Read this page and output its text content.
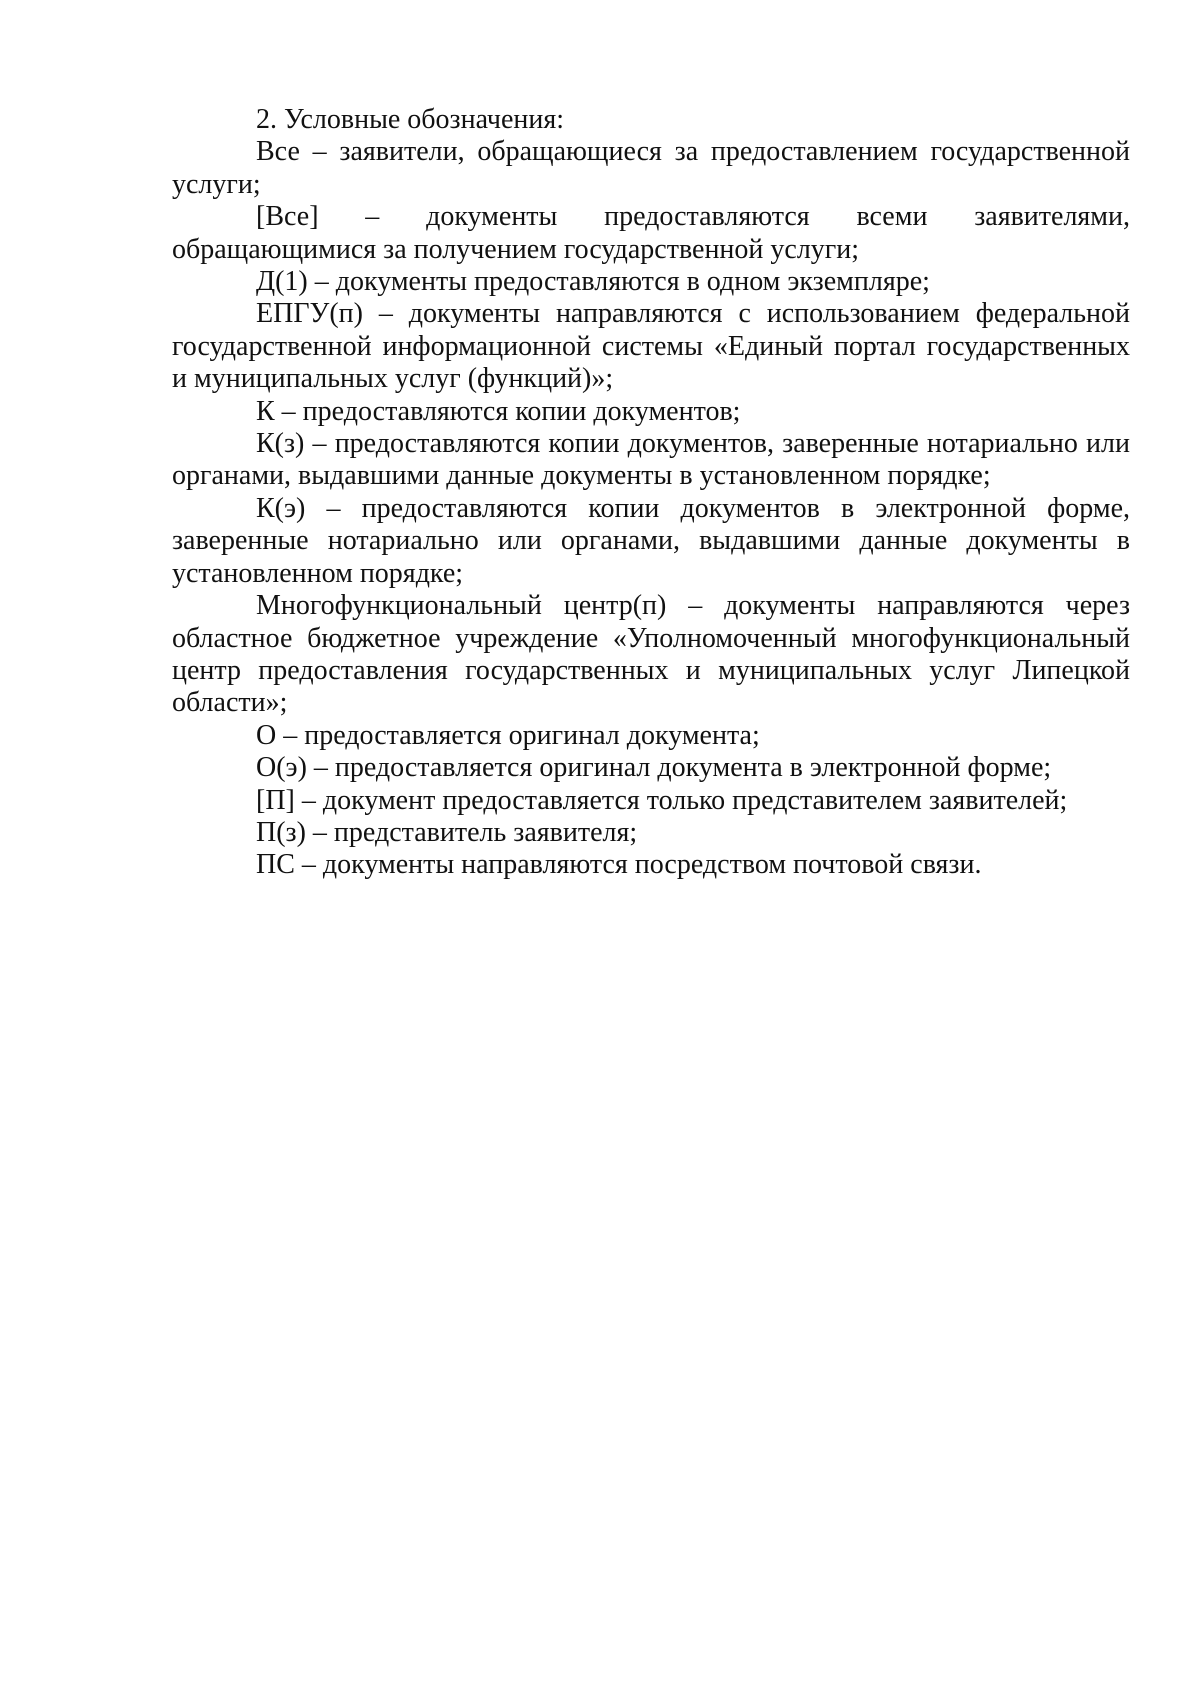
2. Условные обозначения:

Все – заявители, обращающиеся за предоставлением государственной услуги;

[Все] – документы предоставляются всеми заявителями, обращающимися за получением государственной услуги;

Д(1) – документы предоставляются в одном экземпляре;

ЕПГУ(п) – документы направляются с использованием федеральной государственной информационной системы «Единый портал государственных и муниципальных услуг (функций)»;

К – предоставляются копии документов;

К(з) – предоставляются копии документов, заверенные нотариально или органами, выдавшими данные документы в установленном порядке;

К(э) – предоставляются копии документов в электронной форме, заверенные нотариально или органами, выдавшими данные документы в установленном порядке;

Многофункциональный центр(п) – документы направляются через областное бюджетное учреждение «Уполномоченный многофункциональный центр предоставления государственных и муниципальных услуг Липецкой области»;

О – предоставляется оригинал документа;

О(э) – предоставляется оригинал документа в электронной форме;

[П] – документ предоставляется только представителем заявителей;

П(з) – представитель заявителя;

ПС – документы направляются посредством почтовой связи.
